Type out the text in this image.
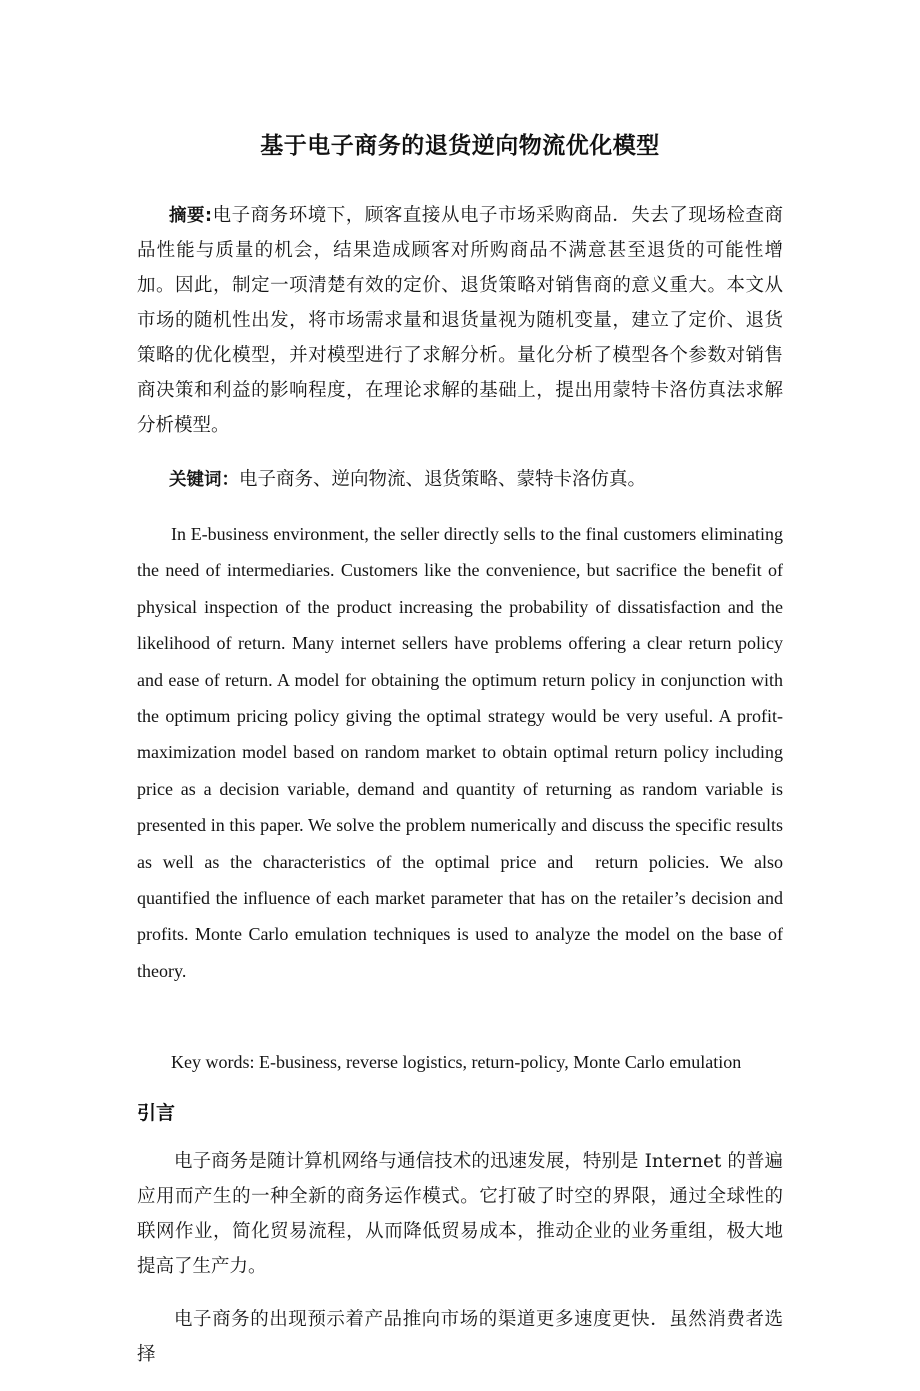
基于电子商务的退货逆向物流优化模型

摘要:电子商务环境下，顾客直接从电子市场采购商品．失去了现场检查商品性能与质量的机会，结果造成顾客对所购商品不满意甚至退货的可能性增加。因此，制定一项清楚有效的定价、退货策略对销售商的意义重大。本文从市场的随机性出发，将市场需求量和退货量视为随机变量，建立了定价、退货策略的优化模型，并对模型进行了求解分析。量化分析了模型各个参数对销售商决策和利益的影响程度，在理论求解的基础上，提出用蒙特卡洛仿真法求解分析模型。

关键词：电子商务、逆向物流、退货策略、蒙特卡洛仿真。

In E-business environment, the seller directly sells to the final customers eliminating the need of intermediaries. Customers like the convenience, but sacrifice the benefit of physical inspection of the product increasing the probability of dissatisfaction and the likelihood of return. Many internet sellers have problems offering a clear return policy and ease of return. A model for obtaining the optimum return policy in conjunction with the optimum pricing policy giving the optimal strategy would be very useful. A profit-maximization model based on random market to obtain optimal return policy including price as a decision variable, demand and quantity of returning as random variable is presented in this paper. We solve the problem numerically and discuss the specific results as well as the characteristics of the optimal price and return policies. We also quantified the influence of each market parameter that has on the retailer’s decision and profits. Monte Carlo emulation techniques is used to analyze the model on the base of theory.

Key words: E-business, reverse logistics, return-policy, Monte Carlo emulation

引言

电子商务是随计算机网络与通信技术的迅速发展，特别是 Internet 的普遍应用而产生的一种全新的商务运作模式。它打破了时空的界限，通过全球性的联网作业，简化贸易流程，从而降低贸易成本，推动企业的业务重组，极大地提高了生产力。

电子商务的出现预示着产品推向市场的渠道更多速度更快．虽然消费者选择
